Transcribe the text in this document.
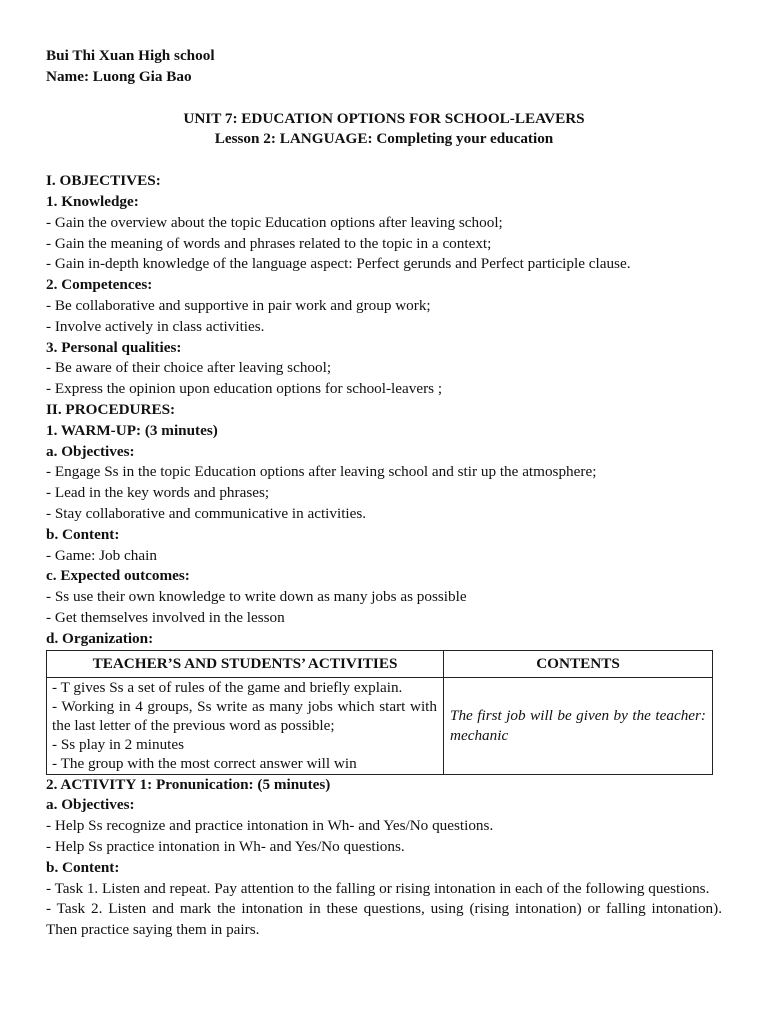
Bui Thi Xuan High school
Name: Luong Gia Bao
UNIT 7: EDUCATION OPTIONS FOR SCHOOL-LEAVERS
Lesson 2: LANGUAGE: Completing your education
I. OBJECTIVES:
1. Knowledge:
- Gain the overview about the topic Education options after leaving school;
- Gain the meaning of words and phrases related to the topic in a context;
- Gain in-depth knowledge of the language aspect: Perfect gerunds and Perfect participle clause.
2. Competences:
- Be collaborative and supportive in pair work and group work;
- Involve actively in class activities.
3. Personal qualities:
- Be aware of their choice after leaving school;
- Express the opinion upon education options for school-leavers ;
II. PROCEDURES:
1. WARM-UP: (3 minutes)
a. Objectives:
- Engage Ss in the topic Education options after leaving school and stir up the atmosphere;
- Lead in the key words and phrases;
- Stay collaborative and communicative in activities.
b. Content:
- Game: Job chain
c. Expected outcomes:
- Ss use their own knowledge to write down as many jobs as possible
- Get themselves involved in the lesson
d. Organization:
TEACHER’S AND STUDENTS’ ACTIVITIES	CONTENTS

- T gives Ss a set of rules of the game and briefly explain.
- Working in 4 groups, Ss write as many jobs which start with the last letter of the previous word as possible;
- Ss play in 2 minutes
- The group with the most correct answer will win	The first job will be given by the teacher: mechanic
2. ACTIVITY 1: Pronunication: (5 minutes)
a. Objectives:
- Help Ss recognize and practice intonation in Wh- and Yes/No questions.
- Help Ss practice intonation in Wh- and Yes/No questions.
b. Content:
- Task 1. Listen and repeat. Pay attention to the falling or rising intonation in each of the following questions.
- Task 2. Listen and mark the intonation in these questions, using (rising intonation) or falling intonation). Then practice saying them in pairs.
